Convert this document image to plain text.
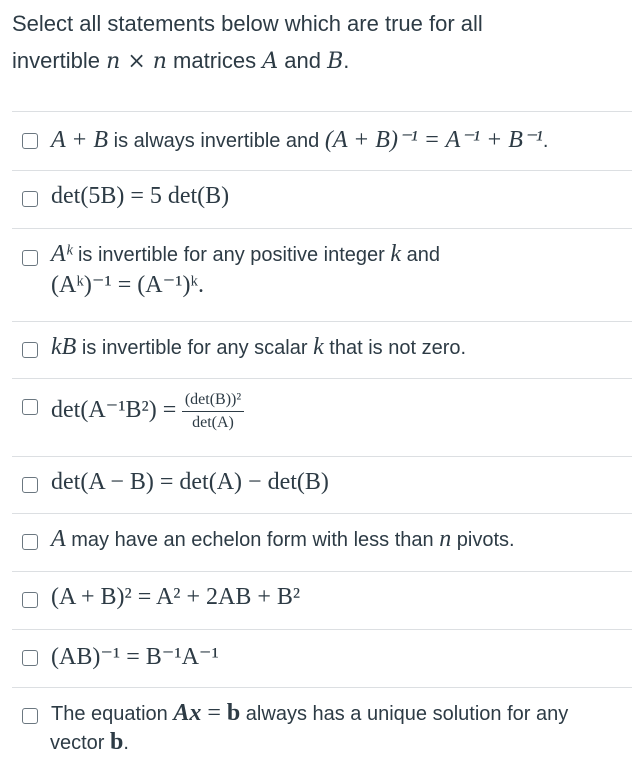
Select all statements below which are true for all
invertible n × n matrices A and B.
A + B is always invertible and (A + B)⁻¹ = A⁻¹ + B⁻¹.
det(5B) = 5 det(B)
Aᵏ is invertible for any positive integer k and
(Aᵏ)⁻¹ = (A⁻¹)ᵏ.
kB is invertible for any scalar k that is not zero.
$\det(A^{-1}B^2) = \frac{\text{(det(B))²}}{\det(A)}$
det(A − B) = det(A) − det(B)
A may have an echelon form with less than n pivots.
(A + B)² = A² + 2AB + B²
(AB)⁻¹ = B⁻¹A⁻¹
The equation Ax = b always has a unique solution for any
vector b.
